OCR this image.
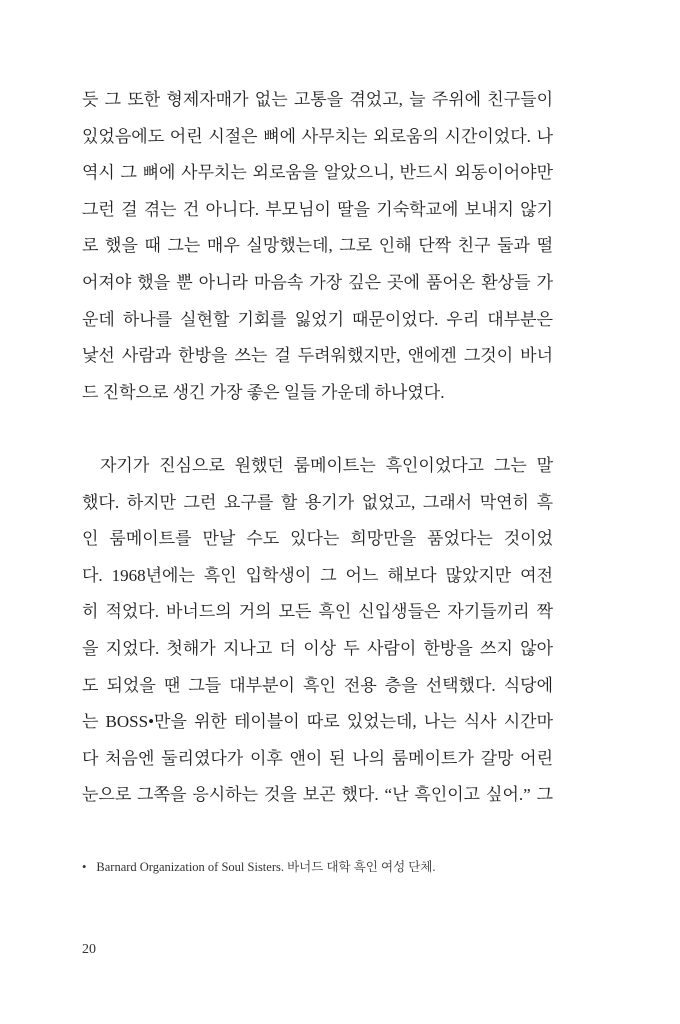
듯 그 또한 형제자매가 없는 고통을 겪었고, 늘 주위에 친구들이
있었음에도 어린 시절은 뼈에 사무치는 외로움의 시간이었다. 나
역시 그 뼈에 사무치는 외로움을 알았으니, 반드시 외동이어야만
그런 걸 겪는 건 아니다. 부모님이 딸을 기숙학교에 보내지 않기
로 했을 때 그는 매우 실망했는데, 그로 인해 단짝 친구 둘과 떨
어져야 했을 뿐 아니라 마음속 가장 깊은 곳에 품어온 환상들 가
운데 하나를 실현할 기회를 잃었기 때문이었다. 우리 대부분은
낯선 사람과 한방을 쓰는 걸 두려워했지만, 앤에겐 그것이 바너
드 진학으로 생긴 가장 좋은 일들 가운데 하나였다.
자기가 진심으로 원했던 룸메이트는 흑인이었다고 그는 말
했다. 하지만 그런 요구를 할 용기가 없었고, 그래서 막연히 흑
인 룸메이트를 만날 수도 있다는 희망만을 품었다는 것이었
다. 1968년에는 흑인 입학생이 그 어느 해보다 많았지만 여전
히 적었다. 바너드의 거의 모든 흑인 신입생들은 자기들끼리 짝
을 지었다. 첫해가 지나고 더 이상 두 사람이 한방을 쓰지 않아
도 되었을 땐 그들 대부분이 흑인 전용 층을 선택했다. 식당에
는 BOSS•만을 위한 테이블이 따로 있었는데, 나는 식사 시간마
다 처음엔 둘리였다가 이후 앤이 된 나의 룸메이트가 갈망 어린
눈으로 그쪽을 응시하는 것을 보곤 했다. “난 흑인이고 싶어.” 그
• Barnard Organization of Soul Sisters. 바너드 대학 흑인 여성 단체.
20
